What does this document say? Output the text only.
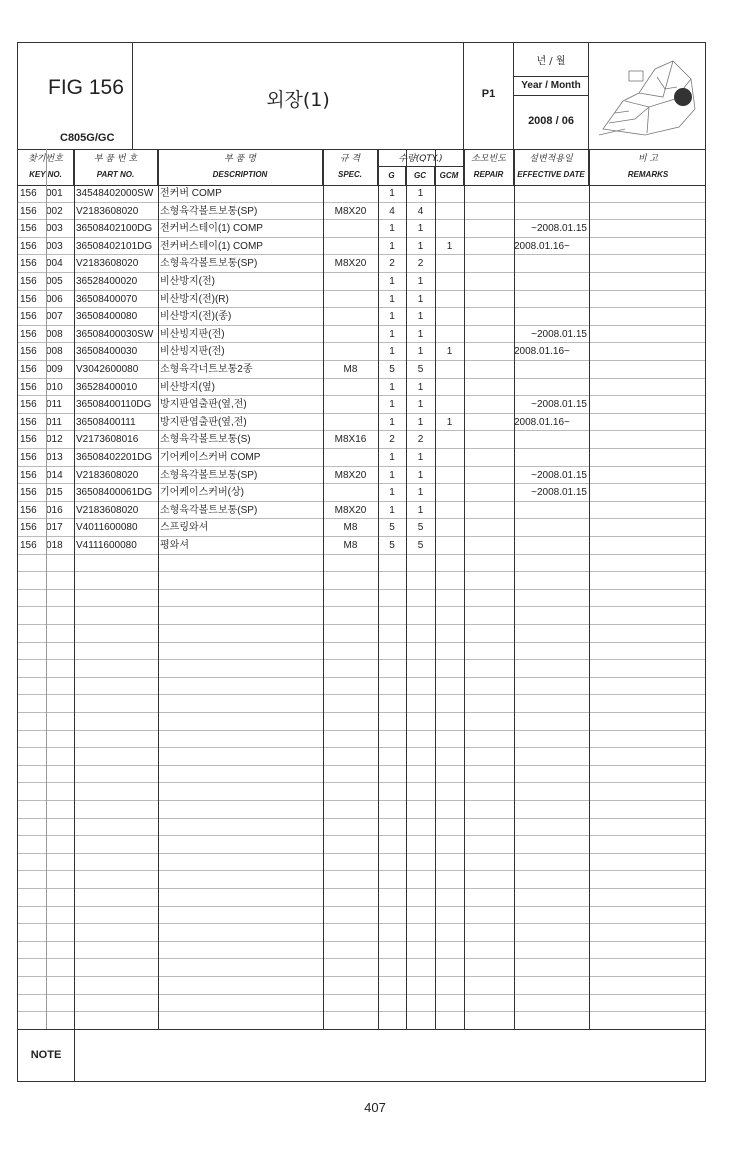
FIG 156
C805G/GC
외장(1)	P1
년 / 월
Year / Month
2008 / 06
찾기번호
KEY NO.
부 품 번 호
PART NO.
부 품 명
DESCRIPTION
규 격
SPEC.
수량(QTY.)
G	GC	GCM
소모빈도
REPAIR
설변적용일
EFFECTIVE DATE
비 고
REMARKS
156 001	34548402000SW 전커버 COMP	1	1
156 002	V2183608020	소형육각볼트보통(SP)	M8X20	4	4
156 003	36508402100DG 전커버스테이(1) COMP	1	1	~2008.01.15
156 003	36508402101DG 전커버스테이(1) COMP	1	1	1	2008.01.16~
156 004	V2183608020	소형육각볼트보통(SP)	M8X20	2	2
156 005	36528400020	비산방지(전)	1	1
156 006	36508400070	비산방지(전)(R)	1	1
156 007	36508400080	비산방지(전)(종)	1	1
156 008	36508400030SW 비산빙지판(전)	1	1	~2008.01.15
156 008	36508400030	비산빙지판(전)	1	1	1	2008.01.16~
156 009	V3042600080	소형육각너트보통2종	M8	5	5
156 010	36528400010	비산방지(옆)	1	1
156 011	36508400110DG 방지판엽출판(옆,전)	1	1	~2008.01.15
156 011	36508400111	방지판엽출판(옆,전)	1	1	1	2008.01.16~
156 012	V2173608016	소형육각볼트보통(S)	M8X16	2	2
156 013	36508402201DG 기어케이스커버 COMP	1	1
156 014	V2183608020	소형육각볼트보통(SP)	M8X20	1	1	~2008.01.15
156 015	36508400061DG 기어케이스커버(상)	1	1	~2008.01.15
156 016	V2183608020	소형육각볼트보통(SP)	M8X20	1	1
156 017	V4011600080	스프링와셔	M8	5	5
156 018	V4111600080	평와셔	M8	5	5
NOTE
407
